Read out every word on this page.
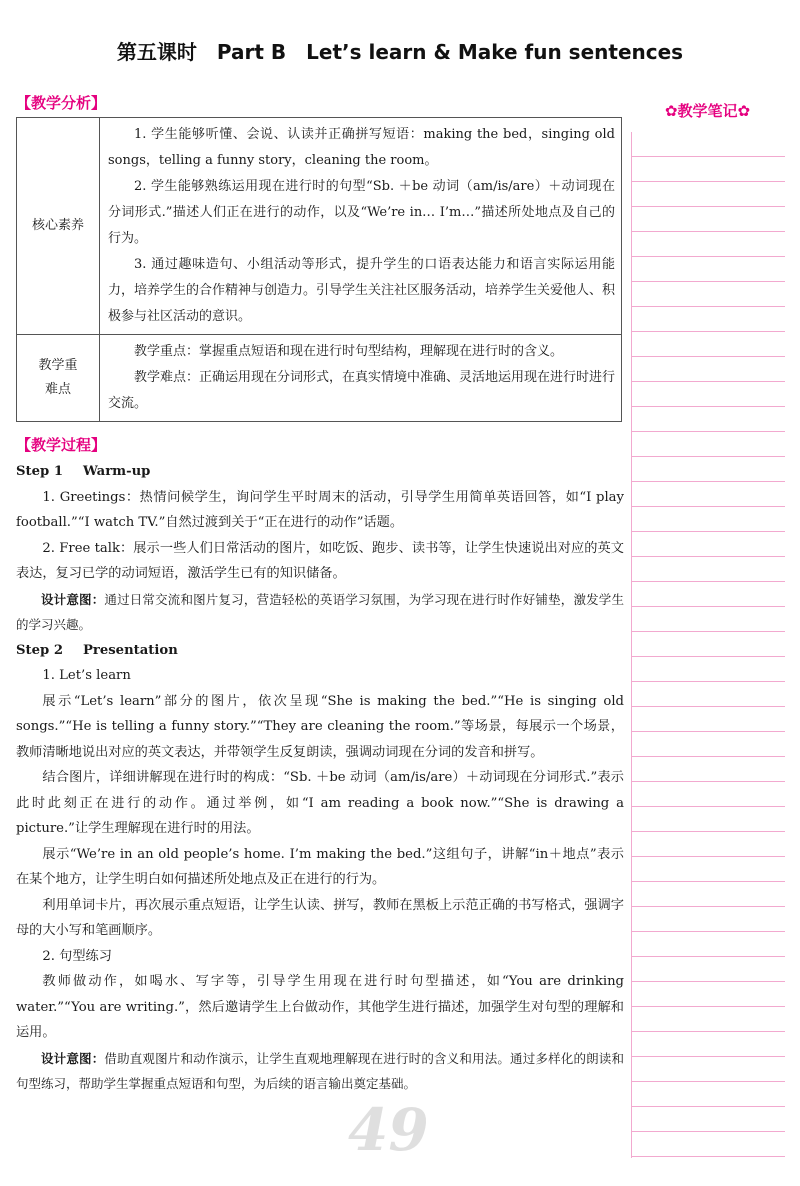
第五课时　Part B　Let’s learn & Make fun sentences
【教学分析】
核心素养	1. 学生能够听懂、会说、认读并正确拼写短语：making the bed，singing old songs，telling a funny story，cleaning the room。

2. 学生能够熟练运用现在进行时的句型“Sb. ＋be 动词（am/is/are）＋动词现在分词形式.”描述人们正在进行的动作，以及“We’re in… I’m…”描述所处地点及自己的行为。

3. 通过趣味造句、小组活动等形式，提升学生的口语表达能力和语言实际运用能力，培养学生的合作精神与创造力。引导学生关注社区服务活动，培养学生关爱他人、积极参与社区活动的意识。

教学重难点	教学重点：掌握重点短语和现在进行时句型结构，理解现在进行时的含义。

教学难点：正确运用现在分词形式，在真实情境中准确、灵活地运用现在进行时进行交流。

【教学过程】

Step 1 Warm-up

1. Greetings：热情问候学生，询问学生平时周末的活动，引导学生用简单英语回答，如“I play football.”“I watch TV.”自然过渡到关于“正在进行的动作”话题。

2. Free talk：展示一些人们日常活动的图片，如吃饭、跑步、读书等，让学生快速说出对应的英文表达，复习已学的动词短语，激活学生已有的知识储备。

设计意图：通过日常交流和图片复习，营造轻松的英语学习氛围，为学习现在进行时作好铺垫，激发学生的学习兴趣。

Step 2 Presentation

1. Let’s learn

展示“Let’s learn”部分的图片，依次呈现“She is making the bed.”“He is singing old songs.”“He is telling a funny story.”“They are cleaning the room.”等场景，每展示一个场景，教师清晰地说出对应的英文表达，并带领学生反复朗读，强调动词现在分词的发音和拼写。

结合图片，详细讲解现在进行时的构成：“Sb. ＋be 动词（am/is/are）＋动词现在分词形式.”表示此时此刻正在进行的动作。通过举例，如“I am reading a book now.”“She is drawing a picture.”让学生理解现在进行时的用法。

展示“We’re in an old people’s home. I’m making the bed.”这组句子，讲解“in＋地点”表示在某个地方，让学生明白如何描述所处地点及正在进行的行为。

利用单词卡片，再次展示重点短语，让学生认读、拼写，教师在黑板上示范正确的书写格式，强调字母的大小写和笔画顺序。

2. 句型练习

教师做动作，如喝水、写字等，引导学生用现在进行时句型描述，如“You are drinking water.”“You are writing.”，然后邀请学生上台做动作，其他学生进行描述，加强学生对句型的理解和运用。

设计意图：借助直观图片和动作演示，让学生直观地理解现在进行时的含义和用法。通过多样化的朗读和句型练习，帮助学生掌握重点短语和句型，为后续的语言输出奠定基础。

✿教学笔记✿
49
